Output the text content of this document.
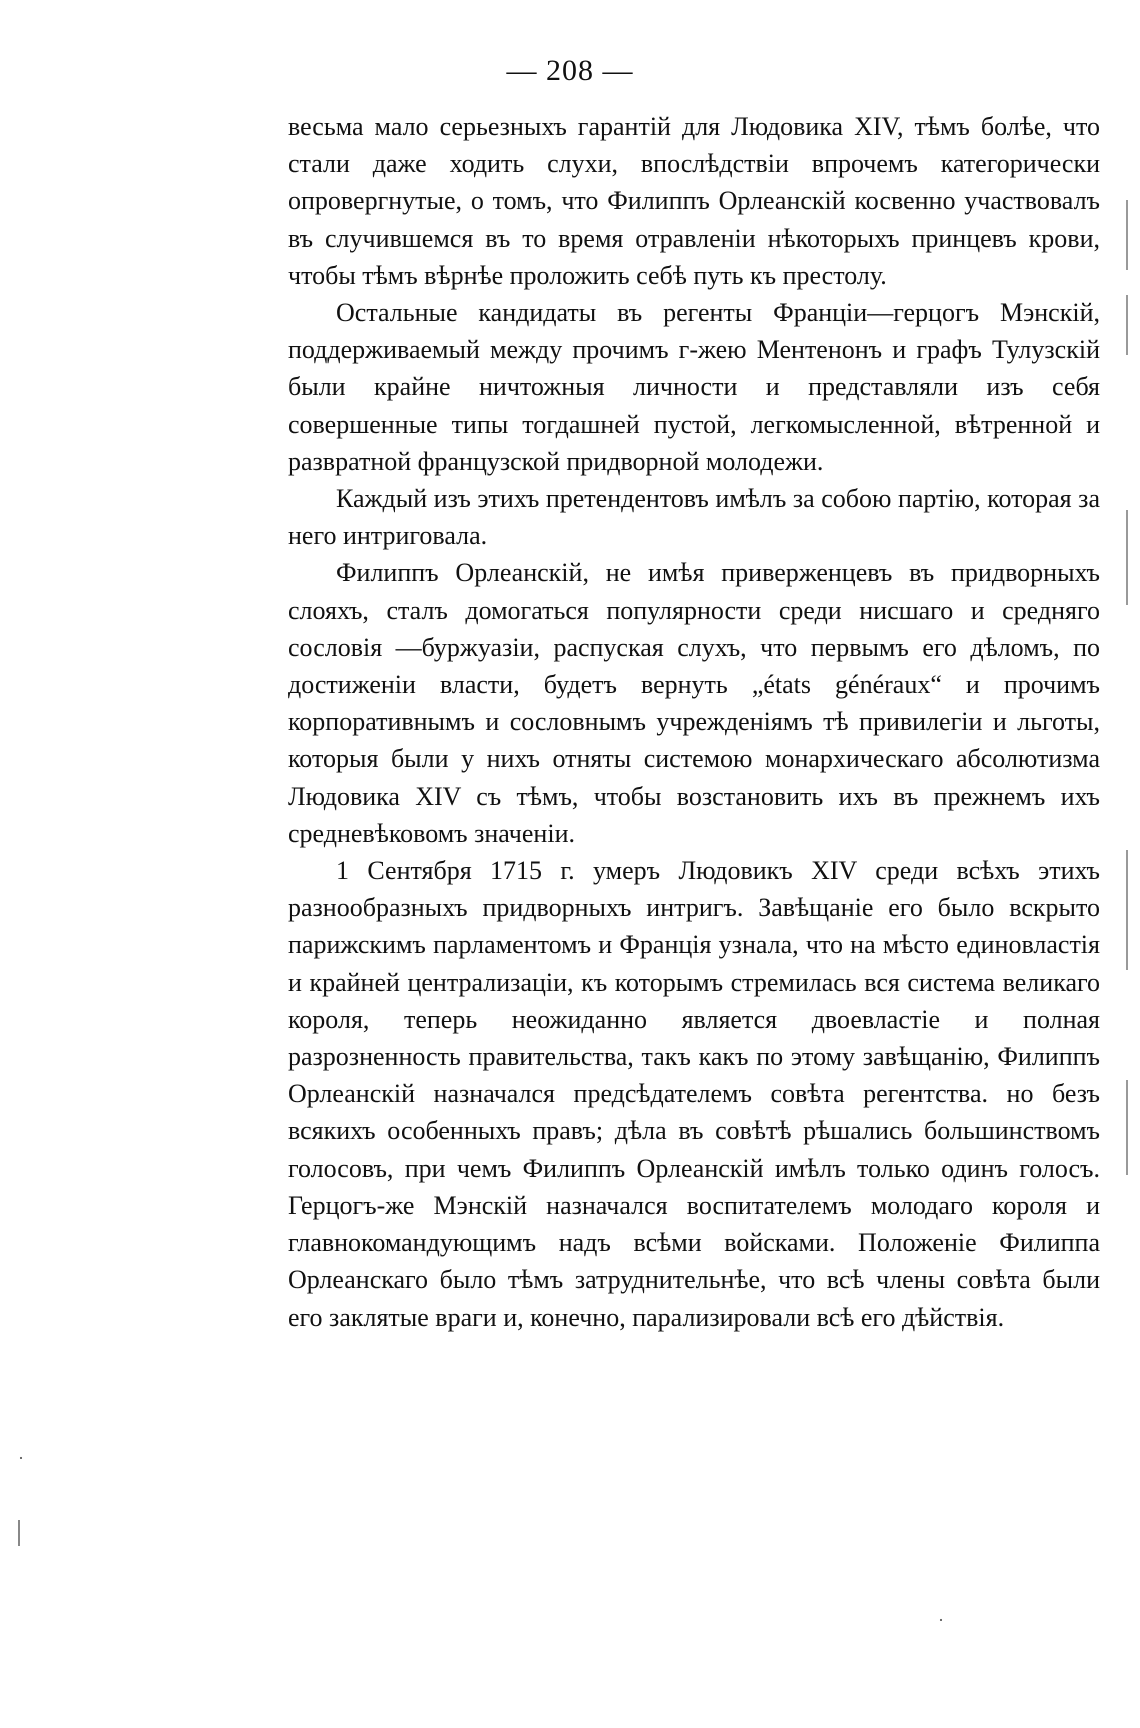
— 208 —

весьма мало серьезныхъ гарантій для Людовика XIV, тѣмъ болѣе, что стали даже ходить слухи, впослѣдствіи впрочемъ категорически опровергнутые, о томъ, что Филиппъ Орлеанскій косвенно участвовалъ въ случившемся въ то время отравленіи нѣкоторыхъ принцевъ крови, чтобы тѣмъ вѣрнѣе проложить себѣ путь къ престолу.

Остальные кандидаты въ регенты Франціи—герцогъ Мэнскій, поддерживаемый между прочимъ г-жею Ментенонъ и графъ Тулузскій были крайне ничтожныя личности и представляли изъ себя совершенные типы тогдашней пустой, легкомысленной, вѣтренной и развратной французской придворной молодежи.

Каждый изъ этихъ претендентовъ имѣлъ за собою партію, которая за него интриговала.

Филиппъ Орлеанскій, не имѣя приверженцевъ въ придворныхъ слояхъ, сталъ домогаться популярности среди нисшаго и средняго сословія —буржуазіи, распуская слухъ, что первымъ его дѣломъ, по достиженіи власти, будетъ вернуть „états généraux“ и прочимъ корпоративнымъ и сословнымъ учрежденіямъ тѣ привилегіи и льготы, которыя были у нихъ отняты системою монархическаго абсолютизма Людовика XIV съ тѣмъ, чтобы возстановить ихъ въ прежнемъ ихъ средневѣковомъ значеніи.

1 Сентября 1715 г. умеръ Людовикъ XIV среди всѣхъ этихъ разнообразныхъ придворныхъ интригъ. Завѣщаніе его было вскрыто парижскимъ парламентомъ и Франція узнала, что на мѣсто единовластія и крайней централизаціи, къ которымъ стремилась вся система великаго короля, теперь неожиданно является двоевластіе и полная разрозненность правительства, такъ какъ по этому завѣщанію, Филиппъ Орлеанскій назначался предсѣдателемъ совѣта регентства. но безъ всякихъ особенныхъ правъ; дѣла въ совѣтѣ рѣшались большинствомъ голосовъ, при чемъ Филиппъ Орлеанскій имѣлъ только одинъ голосъ. Герцогъ-же Мэнскій назначался воспитателемъ молодаго короля и главнокомандующимъ надъ всѣми войсками. Положеніе Филиппа Орлеанскаго было тѣмъ затруднительнѣе, что всѣ члены совѣта были его заклятые враги и, конечно, парализировали всѣ его дѣйствія.

·
·
